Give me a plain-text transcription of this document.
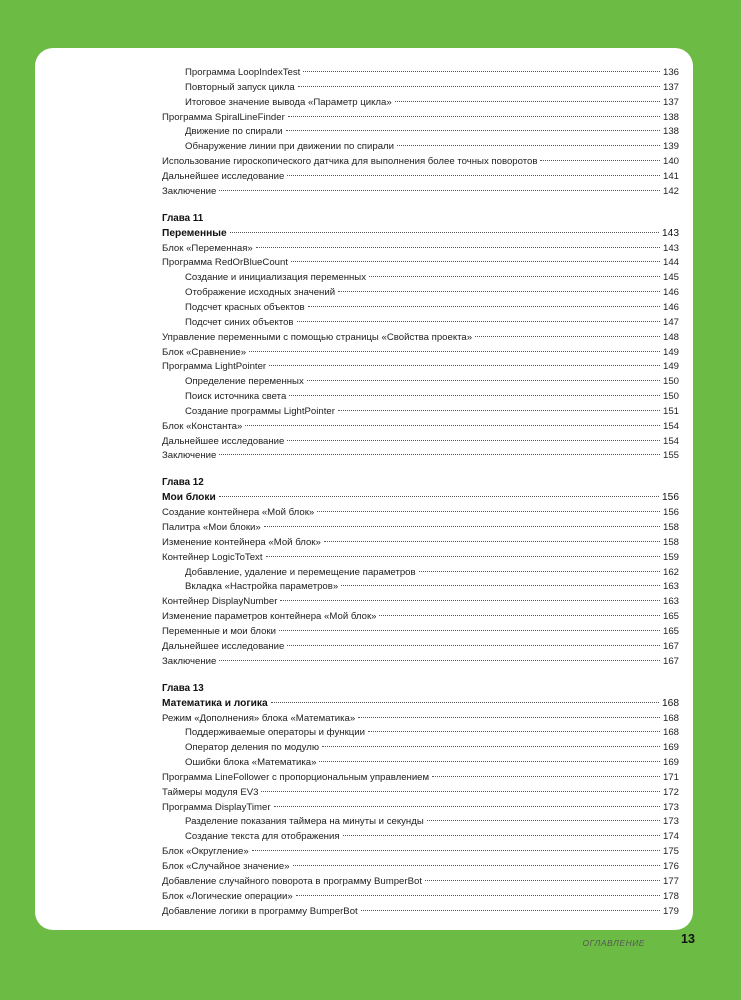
Программа LoopIndexTest	136
Повторный запуск цикла	137
Итоговое значение вывода «Параметр цикла»	137
Программа SpiralLineFinder	138
Движение по спирали	138
Обнаружение линии при движении по спирали	139
Использование гироскопического датчика для выполнения более точных поворотов	140
Дальнейшее исследование	141
Заключение	142
Глава 11
Переменные	143
Блок «Переменная»	143
Программа RedOrBlueCount	144
Создание и инициализация переменных	145
Отображение исходных значений	146
Подсчет красных объектов	146
Подсчет синих объектов	147
Управление переменными с помощью страницы «Свойства проекта»	148
Блок «Сравнение»	149
Программа LightPointer	149
Определение переменных	150
Поиск источника света	150
Создание программы LightPointer	151
Блок «Константа»	154
Дальнейшее исследование	154
Заключение	155
Глава 12
Мои блоки	156
Создание контейнера «Мой блок»	156
Палитра «Мои блоки»	158
Изменение контейнера «Мой блок»	158
Контейнер LogicToText	159
Добавление, удаление и перемещение параметров	162
Вкладка «Настройка параметров»	163
Контейнер DisplayNumber	163
Изменение параметров контейнера «Мой блок»	165
Переменные и мои блоки	165
Дальнейшее исследование	167
Заключение	167
Глава 13
Математика и логика	168
Режим «Дополнения» блока «Математика»	168
Поддерживаемые операторы и функции	168
Оператор деления по модулю	169
Ошибки блока «Математика»	169
Программа LineFollower с пропорциональным управлением	171
Таймеры модуля EV3	172
Программа DisplayTimer	173
Разделение показания таймера на минуты и секунды	173
Создание текста для отображения	174
Блок «Округление»	175
Блок «Случайное значение»	176
Добавление случайного поворота в программу BumperBot	177
Блок «Логические операции»	178
Добавление логики в программу BumperBot	179
ОГЛАВЛЕНИЕ	13
